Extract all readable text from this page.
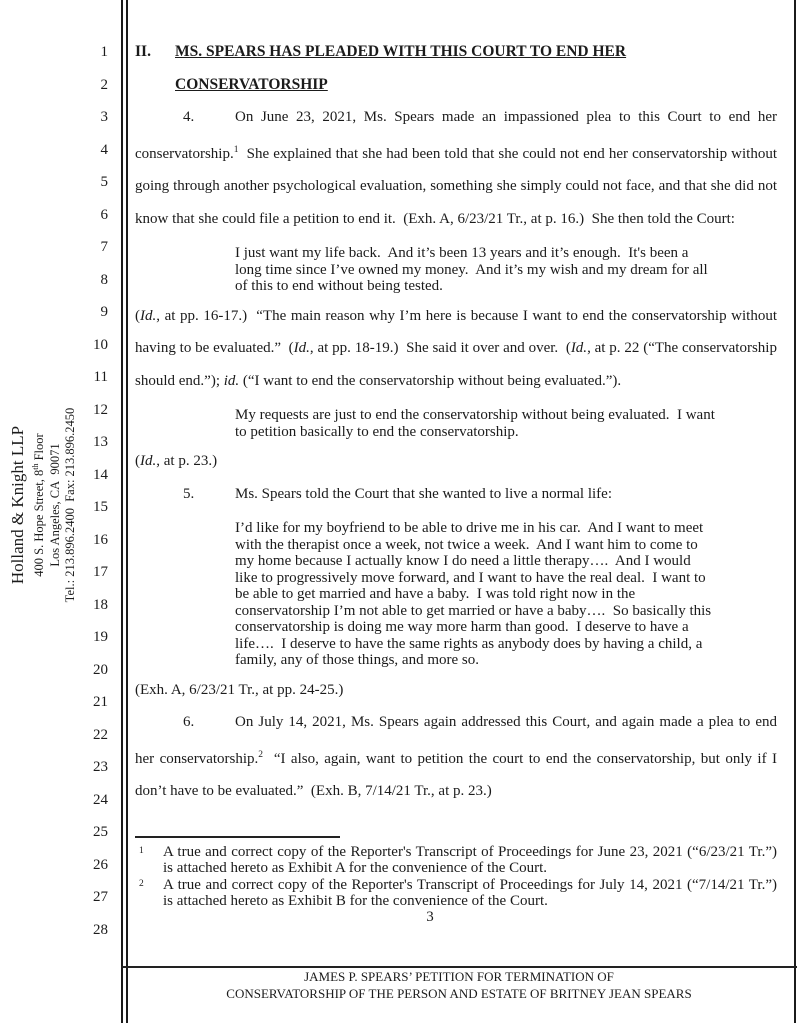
Holland & Knight LLP 400 S. Hope Street, 8th Floor Los Angeles, CA  90071 Tel.: 213.896.2400  Fax: 213.896.2450
1
2
3
4
5
6
7
8
9
10
11
12
13
14
15
16
17
18
19
20
21
22
23
24
25
26
27
28

II. MS. SPEARS HAS PLEADED WITH THIS COURT TO END HER

CONSERVATORSHIP

4.	On June 23, 2021, Ms. Spears made an impassioned plea to this Court to end her conservatorship.$^1$  She explained that she had been told that she could not end her conservatorship without going through another psychological evaluation, something she simply could not face, and that she did not know that she could file a petition to end it.  (Exh. A, 6/23/21 Tr., at p. 16.)  She then told the Court:

I just want my life back.  And it’s been 13 years and it’s enough.  It's been a long time since I’ve owned my money.  And it’s my wish and my dream for all of this to end without being tested.

(Id., at pp. 16-17.)  “The main reason why I’m here is because I want to end the conservatorship without having to be evaluated.”  (Id., at pp. 18-19.)  She said it over and over.  (Id., at p. 22 (“The conservatorship should end.”); id. (“I want to end the conservatorship without being evaluated.”).

My requests are just to end the conservatorship without being evaluated.  I want to petition basically to end the conservatorship.

(Id., at p. 23.)

5.	Ms. Spears told the Court that she wanted to live a normal life:

I’d like for my boyfriend to be able to drive me in his car.  And I want to meet with the therapist once a week, not twice a week.  And I want him to come to my home because I actually know I do need a little therapy….  And I would like to progressively move forward, and I want to have the real deal.  I want to be able to get married and have a baby.  I was told right now in the conservatorship I’m not able to get married or have a baby….  So basically this conservatorship is doing me way more harm than good.  I deserve to have a life….  I deserve to have the same rights as anybody does by having a child, a family, any of those things, and more so.

(Exh. A, 6/23/21 Tr., at pp. 24-25.)

6.	On July 14, 2021, Ms. Spears again addressed this Court, and again made a plea to end her conservatorship.$^2$  “I also, again, want to petition the court to end the conservatorship, but only if I don’t have to be evaluated.”  (Exh. B, 7/14/21 Tr., at p. 23.)

1 A true and correct copy of the Reporter's Transcript of Proceedings for June 23, 2021 (“6/23/21 Tr.”) is attached hereto as Exhibit A for the convenience of the Court.

2 A true and correct copy of the Reporter's Transcript of Proceedings for July 14, 2021 (“7/14/21 Tr.”) is attached hereto as Exhibit B for the convenience of the Court.

3

JAMES P. SPEARS’ PETITION FOR TERMINATION OF
CONSERVATORSHIP OF THE PERSON AND ESTATE OF BRITNEY JEAN SPEARS
